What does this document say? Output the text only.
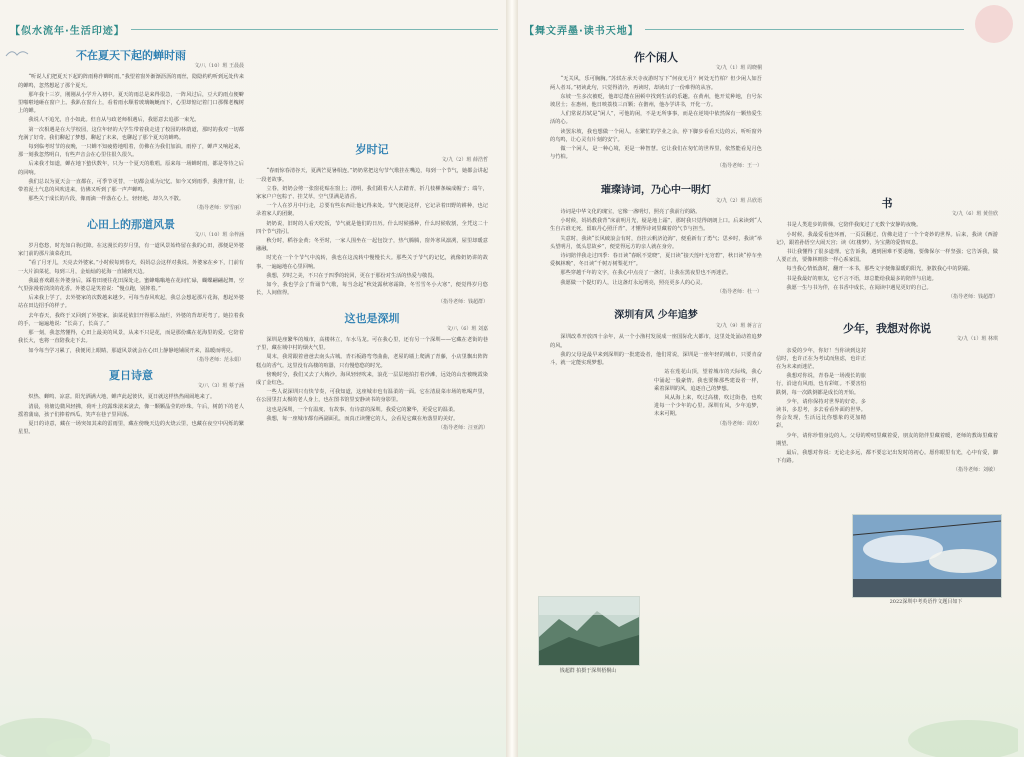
【似水流年·生活印迹】
不在夏天下起的蝉时雨
文/八（10）班 王晨晨

“听说人们把夏天下起的阵雨称作蝉时雨。”我望着窗外渐渐沥沥的雨丝，隐隐约约听到远处传来的蝉鸣，忽然想起了那个夏天。

那年我十三岁，刚刚从小学升入初中。夏天的雨总是来得很急，一阵风过后，豆大的雨点便噼里啪啦地砸在窗户上。我趴在窗台上，看着雨水顺着玻璃蜿蜒而下，心里却惦记着门口那棵老槐树上的蝉。

我说人不追光，自小如此。但自从与政老师相遇后，我愿意去追那一束光。

第一次相遇是在大学校园，这位年轻的大学生带着我走进了校园的林荫道，那时的我对一切都充满了好奇。我们聊起了梦想，聊起了未来，也聊起了那个夏天的蝉鸣。

每到临考时节的夜晚，一只蝉不知疲倦地唱着，仿佛在为我们加油。雨停了，蝉声又响起来，那一刻我忽然明白，有些声音会在心里住很久很久。

后来我才知道，蝉在地下蛰伏数年，只为一个夏天的歌唱。原来每一场蝉时雨，都是等待之后的回响。

我们总以为夏天会一直都在，可季节更替，一切都会成为记忆。如今又到雨季，我推开窗，让带着泥土气息的风吹进来，仿佛又听到了那一声声蝉鸣。

那些关于成长的片段，像雨滴一样落在心上，轻轻地，却久久不散。

（指导老师：罗雪丽）
心田上的那道风景
文/八（10）班 余梓涵

岁月悠悠，时光如白驹过隙。在这漫长的岁月里，有一道风景始终留在我的心田，那便是外婆家门前的那片油菜花田。

“看了月牙儿，天亮去外婆家。”小时候每到春天，妈妈总会这样对我说。外婆家在乡下，门前有一大片油菜花，每到三月，金灿灿的花海一直铺到天边。

我最喜欢跟在外婆身后，踩着田埂往花田深处走。蜜蜂嗡嗡地在花间忙碌，蝴蝶翩翩起舞，空气里弥漫着淡淡的花香。外婆总是笑着说：“慢点跑，别摔着。”

后来我上学了，去外婆家的次数越来越少。可每当春风吹起，我总会想起那片花海，想起外婆站在田边招手的样子。

去年春天，我终于又回到了外婆家。油菜花依旧开得那么灿烂，外婆的背却更弯了。她拉着我的手，一遍遍地说：“长高了，长高了。”

那一刻，我忽然懂得，心田上最美的风景，从来不只是花，而是那份藏在花海里的爱。它陪着我长大，也将一直陪我走下去。

如今每当学习累了，我便闭上眼睛，那道风景就会在心田上静静地铺展开来，温暖而明亮。

（指导老师：范永娟）
夏日诗意
文/八（3）班 蔡子涵

炽热、蝉鸣、凉意。阳光洒满大地，蝉声此起彼伏，夏日就这样热热闹闹地来了。

清晨，荷塘边微风轻拂，荷叶上的露珠滚来滚去，像一颗颗晶莹的珍珠。午后，树荫下的老人摇着蒲扇，孩子们捧着西瓜，笑声在巷子里回荡。

夏日的诗意，藏在一场突如其来的雷雨里，藏在傍晚天边的火烧云里，也藏在夜空中闪烁的繁星里。

岁时记
文/九（2）班 薛浩哲

“春雨惊春清谷天，夏满芒夏暑相连。”奶奶常把这句节气歌挂在嘴边，每到一个节气，她都会讲起一段老故事。

立春，奶奶会剪一张窗花贴在窗上；清明，我们跟着大人去踏青，折几枝柳条编成帽子；端午，家家户户包粽子、挂艾草，空气里满是清香。

一个人在岁月中行走，总要有些东西让他记得来处。节气便是这样，它记录着田野的耕种，也记录着家人的团聚。

奶奶说，旧时的人看天吃饭，节气就是他们的日历。什么时候播种，什么时候收割，全凭这二十四个节气指引。

秋分时，稻谷金黄；冬至时，一家人围坐在一起包饺子，热气腾腾，窗外寒风凛冽，屋里却暖意融融。

时光在一个个节气中流转，我也在这流转中慢慢长大。那些关于节气的记忆，就像奶奶讲的故事，一遍遍地在心里回响。

我想，岁时之美，不只在于四季的轮回，更在于那份对生活的热爱与敬畏。

如今，我也学会了背诵节气歌，每当念起“秋处露秋寒霜降，冬雪雪冬小大寒”，便觉得岁月悠长，人间值得。

（指导老师：钱超群）
这也是深圳
文/八（6）班 刘嘉

深圳是座繁华的城市，高楼林立，车水马龙。可在我心里，还有另一个深圳——它藏在老街的巷子里，藏在城中村的烟火气里。

周末，我常跟着爸爸去南头古城。青石板路弯弯曲曲，老屋的墙上爬满了青藤，小店里飘出阵阵糕点的香气。这里没有高楼的喧嚣，只有慢悠悠的时光。

傍晚时分，我们又去了大梅沙。海风轻轻吹来，浪花一层层地拍打着沙滩，远处的山峦被晚霞染成了金红色。

一些人说深圳只有快节奏，可我知道，这座城市也有温柔的一面。它在清晨菜市场的吆喝声里，在公园里打太极的老人身上，也在图书馆里安静读书的身影里。

这也是深圳，一个有温度、有故事、有诗意的深圳。我爱它的繁华，更爱它的温柔。

我想，每一座城市都有两副面孔，而真正读懂它的人，会看见它藏在角落里的美好。

（指导老师：汪亚鸽）
【舞文弄墨·读书天地】
作个闲人
文/九（1）班 周晓桐

“无关风，乐可胸胸。”苏轼在承天寺夜游时写下“何夜无月？何处无竹柏？但少闲人如吾两人者耳。”初读此句，只觉得清冷，再读时，却读出了一份难得的从容。

东坡一生多次被贬，他却总能在困顿中找到生活的乐趣。在黄州，他开荒种地，自号东坡居士；在惠州，他日啖荔枝三百颗；在儋州，他办学讲书，开化一方。

人们常说苏轼是“闲人”，可他的闲，不是无所事事，而是在逆境中依然保有一颗热爱生活的心。

读罢东坡，我也想做一个闲人。在繁忙的学业之余，停下脚步看看天边的云，听听窗外的鸟鸣，让心灵有片刻的安宁。

做一个闲人，是一种心境，更是一种智慧。它让我们在匆忙的世界里，依然能看见月色与竹柏。

（指导老师：王一）
璀璨诗词，乃心中一明灯
文/九（2）班 吕欣语

诗词是中华文化的瑰宝，它像一盏明灯，照亮了我前行的路。

小时候，妈妈教我背“床前明月光，疑是地上霜”，那时我只觉得朗朗上口。后来读到“人生自古谁无死，留取丹心照汗青”，才懂得诗词里藏着的气节与担当。

失意时，我读“长风破浪会有时，直挂云帆济沧海”，便重新有了勇气；思乡时，我读“举头望明月，低头思故乡”，便觉得远方的亲人就在身旁。

诗词陪伴我走过四季：春日读“春眠不觉晓”，夏日读“接天莲叶无穷碧”，秋日读“停车坐爱枫林晚”，冬日读“千树万树梨花开”。

那些穿越千年的文字，在我心中点亮了一盏灯，让我在黑夜里也不再迷茫。

我愿做一个提灯的人，让这盏灯永远明亮，照亮更多人的心灵。

（指导老师：杜一）
深圳有风 少年追梦
文/九（9）班 蒋言言

深圳改革开放四十余年，从一个小渔村发展成一座国际化大都市，这里处处涌动着追梦的风。

我的父母是最早来到深圳的一批建设者，他们常说，深圳是一座年轻的城市，只要肯奋斗，就一定能实现梦想。

站在莲花山顶，望着城市的天际线，我心中涌起一股豪情。我也要像那些建设者一样，乘着深圳的风，追逐自己的梦想。

风从海上来，吹过高楼，吹过街巷，也吹进每一个少年的心里。深圳有风，少年追梦，未来可期。

（指导老师：周欢）
钱超群 拍摄于深圳梧桐山
书
文/九（6）班 黄佳欣

书是人类进步的阶梯，它陪伴我度过了无数个安静的夜晚。

小时候，我最爱看连环画，一页页翻过，仿佛走进了一个个奇妙的世界。后来，我读《西游记》，跟着孙悟空大闹天宫；读《红楼梦》，为宝黛的爱情叹息。

书让我懂得了很多道理。它告诉我，遇到困难不要退缩，要像保尔一样坚强；它告诉我，做人要正直，要像林则徐一样心系家国。

每当我心情低落时，翻开一本书，那些文字便像温暖的阳光，驱散我心中的阴霾。

书是我最好的朋友，它不言不语，却总能给我最多的陪伴与启迪。

我愿一生与书为伴，在书香中成长，在阅读中遇见更好的自己。

（指导老师：钱超群）
少年，我想对你说
文/九（1）班 林琪

亲爱的少年，你好！当你读到这封信时，也许正在为考试而焦虑，也许正在为未来而迷茫。

我想对你说，青春是一场漫长的旅行，沿途有风雨，也有彩虹。不要害怕跌倒，每一次跌倒都是成长的开始。

少年，请你保持对世界的好奇。多读书，多思考，多去看看外面的世界。你会发现，生活远比你想象的更加精彩。

少年，请你珍惜身边的人。父母的唠叨里藏着爱，朋友的陪伴里藏着暖，老师的教诲里藏着期望。

最后，我想对你说：无论走多远，都不要忘记出发时的初心。愿你眼里有光，心中有爱，脚下有路。

（指导老师：刘敏）
2022深圳中考英语作文题目如下
